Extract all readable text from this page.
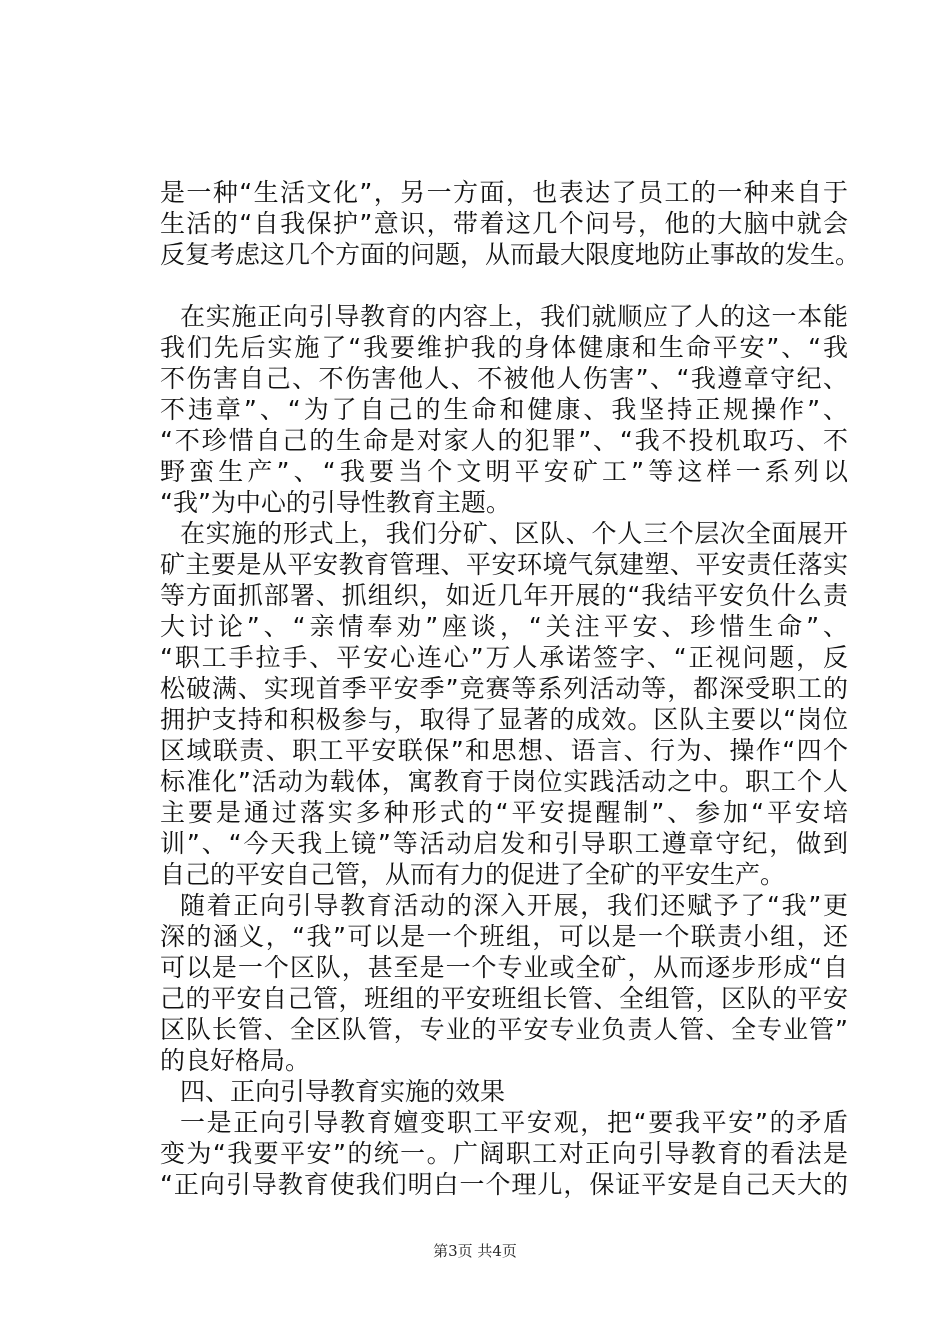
是一种“生活文化”，另一方面，也表达了员工的一种来自于
生活的“自我保护”意识，带着这几个问号，他的大脑中就会
反复考虑这几个方面的问题，从而最大限度地防止事故的发生。
在实施正向引导教育的内容上，我们就顺应了人的这一本能
我们先后实施了“我要维护我的身体健康和生命平安”、“我
不伤害自己、不伤害他人、不被他人伤害”、“我遵章守纪、
不违章”、“为了自己的生命和健康、我坚持正规操作”、
“不珍惜自己的生命是对家人的犯罪”、“我不投机取巧、不
野蛮生产”、“我要当个文明平安矿工”等这样一系列以
“我”为中心的引导性教育主题。
在实施的形式上，我们分矿、区队、个人三个层次全面展开
矿主要是从平安教育管理、平安环境气氛建塑、平安责任落实
等方面抓部署、抓组织，如近几年开展的“我结平安负什么责
大讨论”、“亲情奉劝”座谈，“关注平安、珍惜生命”、
“职工手拉手、平安心连心”万人承诺签字、“正视问题，反
松破满、实现首季平安季”竞赛等系列活动等，都深受职工的
拥护支持和积极参与，取得了显著的成效。区队主要以“岗位
区域联责、职工平安联保”和思想、语言、行为、操作“四个
标准化”活动为载体，寓教育于岗位实践活动之中。职工个人
主要是通过落实多种形式的“平安提醒制”、参加“平安培
训”、“今天我上镜”等活动启发和引导职工遵章守纪，做到
自己的平安自己管，从而有力的促进了全矿的平安生产。
随着正向引导教育活动的深入开展，我们还赋予了“我”更
深的涵义，“我”可以是一个班组，可以是一个联责小组，还
可以是一个区队，甚至是一个专业或全矿，从而逐步形成“自
己的平安自己管，班组的平安班组长管、全组管，区队的平安
区队长管、全区队管，专业的平安专业负责人管、全专业管”
的良好格局。
四、正向引导教育实施的效果
一是正向引导教育嬗变职工平安观，把“要我平安”的矛盾
变为“我要平安”的统一。广阔职工对正向引导教育的看法是
“正向引导教育使我们明白一个理儿，保证平安是自己天大的
第3页 共4页
